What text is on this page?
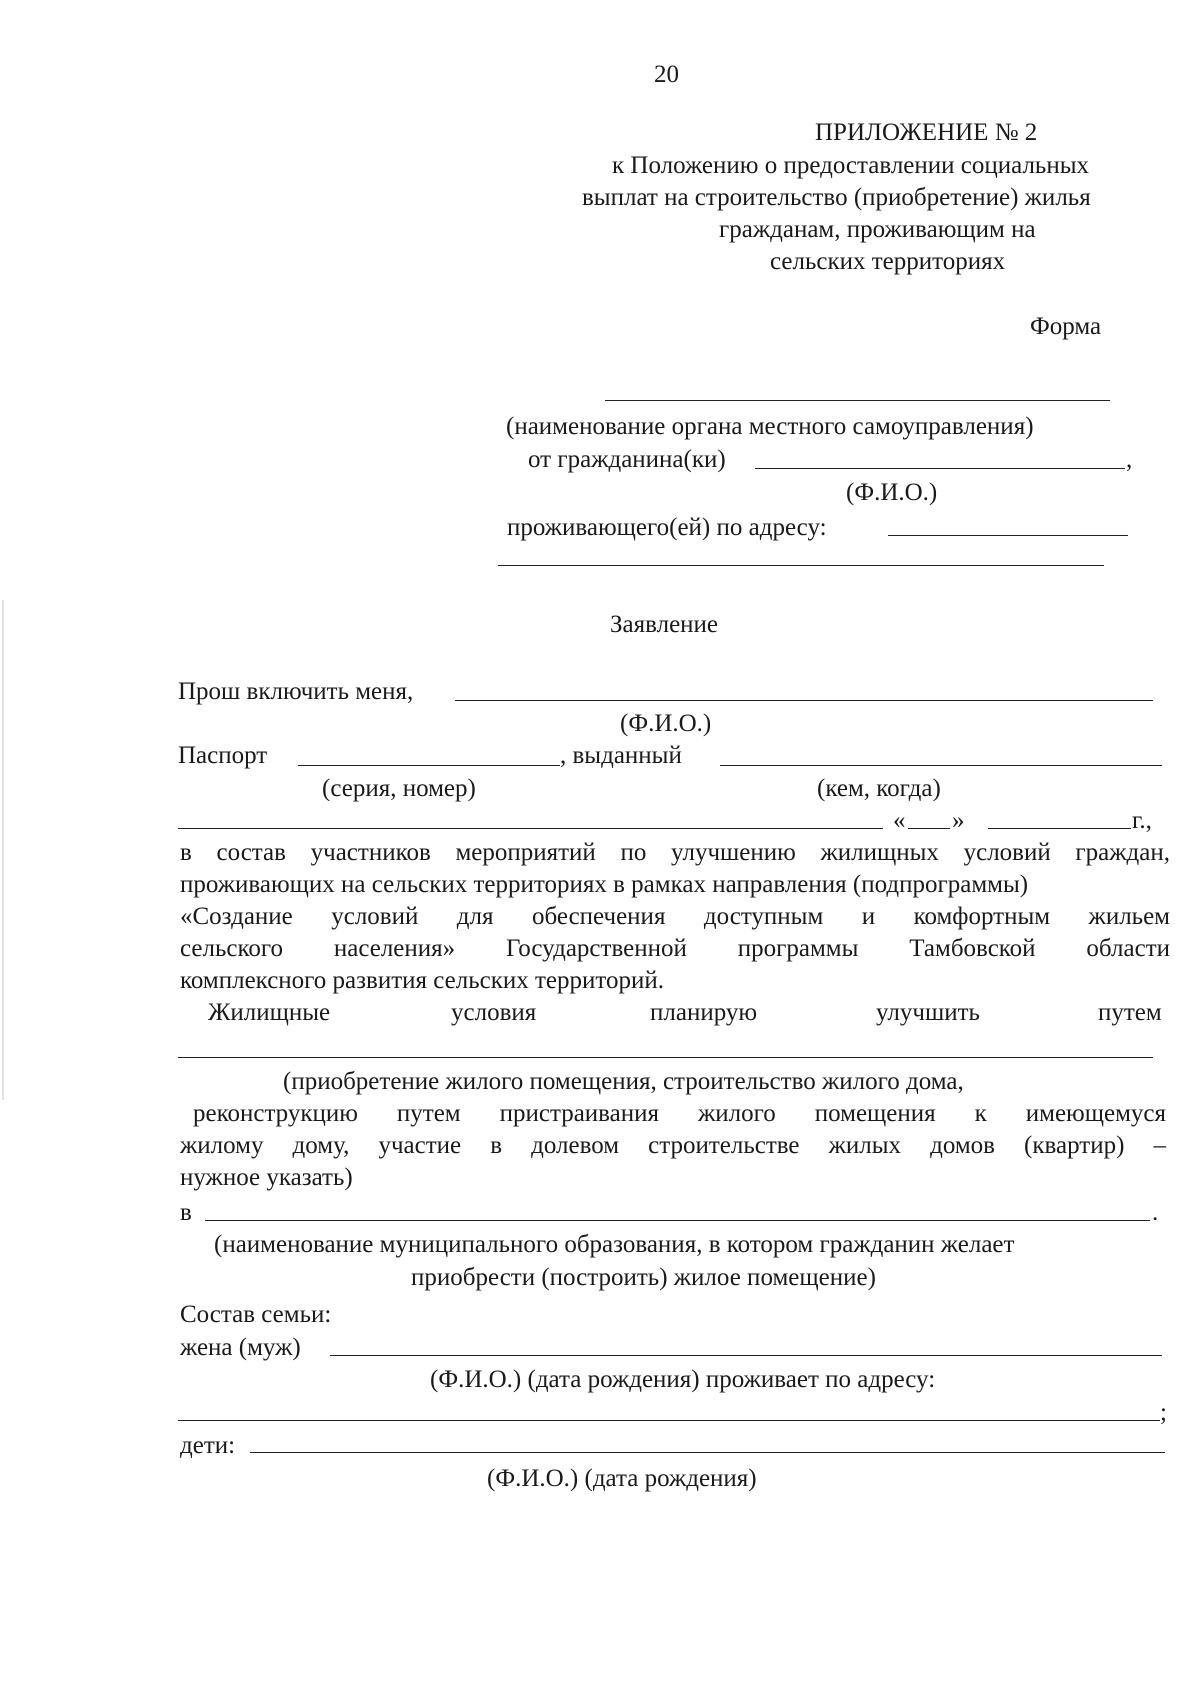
20
ПРИЛОЖЕНИЕ № 2
к Положению о предоставлении социальных
выплат на строительство (приобретение) жилья
гражданам, проживающим на
сельских территориях
Форма
(наименование органа местного самоуправления)
от гражданина(ки)	,
(Ф.И.О.)
проживающего(ей) по адресу:
Заявление
Прош включить меня,
(Ф.И.О.)
Паспорт	, выданный
(серия, номер)	(кем, когда)
« »	г.,
в состав участников мероприятий по улучшению жилищных условий граждан,
проживающих на сельских территориях в рамках направления (подпрограммы)
«Создание условий для обеспечения доступным и комфортным жильем
сельского населения» Государственной программы Тамбовской области
комплексного развития сельских территорий.
Жилищные	условия	планирую	улучшить	путем
(приобретение жилого помещения, строительство жилого дома,
реконструкцию путем пристраивания жилого помещения к имеющемуся
жилому дому, участие в долевом строительстве жилых домов (квартир) –
нужное указать)
в	.
(наименование муниципального образования, в котором гражданин желает
приобрести (построить) жилое помещение)
Состав семьи:
жена (муж)
(Ф.И.О.) (дата рождения) проживает по адресу:
;
дети:
(Ф.И.О.) (дата рождения)
